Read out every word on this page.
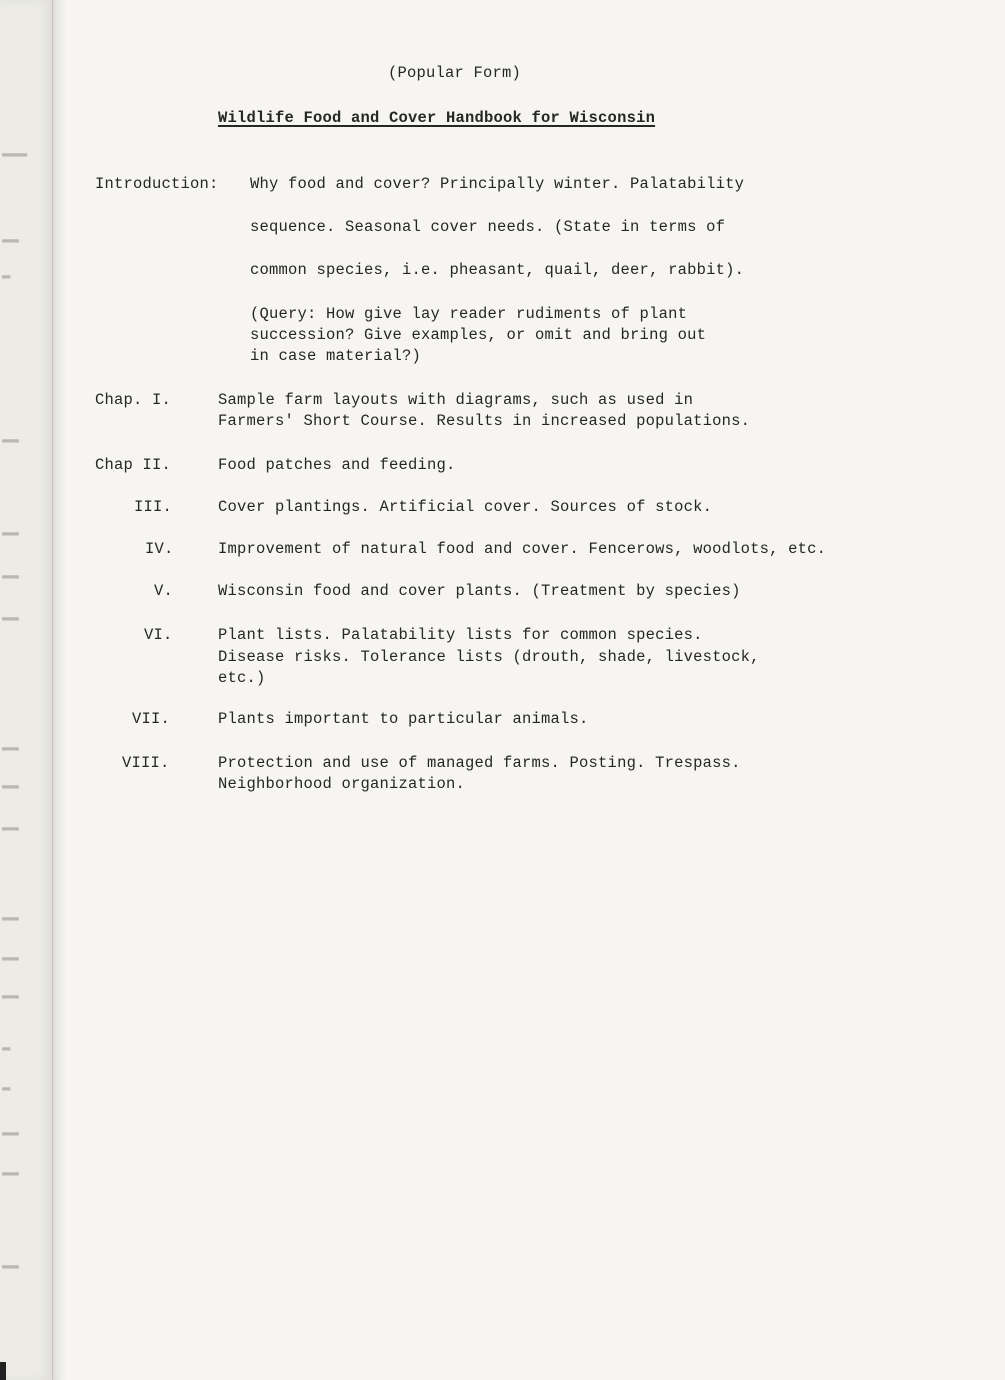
▬▬▬
▬▬
▬
▬▬
▬▬
▬▬
▬▬
▬▬
▬▬
▬▬
▬▬
▬▬
▬▬
▬
▬
▬▬
▬▬
▬▬
(Popular Form)
Wildlife Food and Cover Handbook for Wisconsin
Introduction: Why food and cover? Principally winter. Palatability
sequence. Seasonal cover needs. (State in terms of
common species, i.e. pheasant, quail, deer, rabbit).
(Query: How give lay reader rudiments of plant
succession? Give examples, or omit and bring out
in case material?)
Chap. I.	Sample farm layouts with diagrams, such as used in
Farmers' Short Course. Results in increased populations.
Chap II.	Food patches and feeding.
III.	Cover plantings. Artificial cover. Sources of stock.
IV.	Improvement of natural food and cover. Fencerows, woodlots, etc.
V.	Wisconsin food and cover plants. (Treatment by species)
VI.	Plant lists. Palatability lists for common species.
Disease risks. Tolerance lists (drouth, shade, livestock,
etc.)
VII.	Plants important to particular animals.
VIII.	Protection and use of managed farms. Posting. Trespass.
Neighborhood organization.
